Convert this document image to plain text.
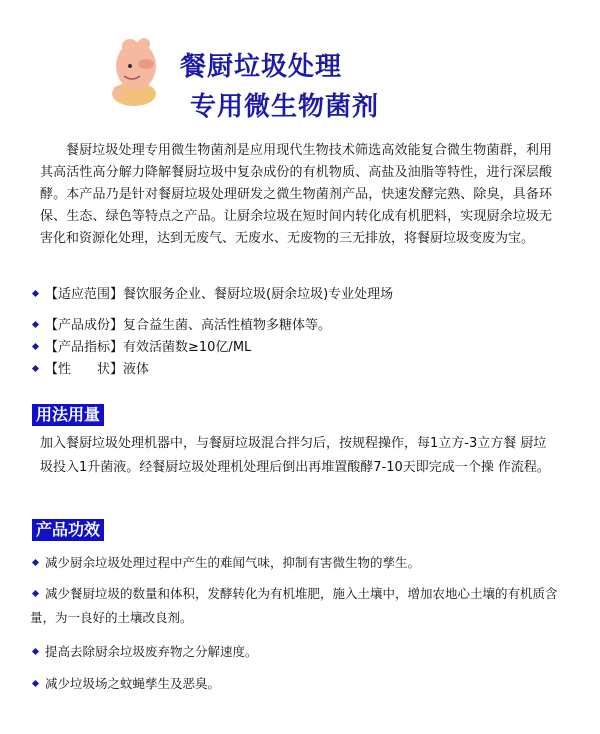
餐厨垃圾处理
专用微生物菌剂
餐厨垃圾处理专用微生物菌剂是应用现代生物技术筛选高效能复合微生物菌群，利用其高活性高分解力降解餐厨垃圾中复杂成份的有机物质、高盐及油脂等特性，进行深层酸酵。本产品乃是针对餐厨垃圾处理研发之微生物菌剂产品，快速发酵完熟、除臭，具备环保、生态、绿色等特点之产品。让厨余垃圾在短时间内转化成有机肥料，实现厨余垃圾无害化和资源化处理，达到无废气、无废水、无废物的三无排放，将餐厨垃圾变废为宝。
【适应范围】餐饮服务企业、餐厨垃圾(厨余垃圾)专业处理场
【产品成份】复合益生菌、高活性植物多糖体等。
【产品指标】有效活菌数≥10亿/ML
【性　　状】液体
用法用量
加入餐厨垃圾处理机器中，与餐厨垃圾混合拌匀后，按规程操作，每1立方-3立方餐 厨垃圾投入1升菌液。经餐厨垃圾处理机处理后倒出再堆置酸酵7-10天即完成一个操 作流程。
产品功效
减少厨余垃圾处理过程中产生的难闻气味，抑制有害微生物的孳生。
减少餐厨垃圾的数量和体积，发酵转化为有机堆肥，施入土壤中，增加农地心土壤的有机质含量，为一良好的土壤改良剂。
提高去除厨余垃圾废弃物之分解速度。
减少垃圾场之蚊蝇孳生及恶臭。
